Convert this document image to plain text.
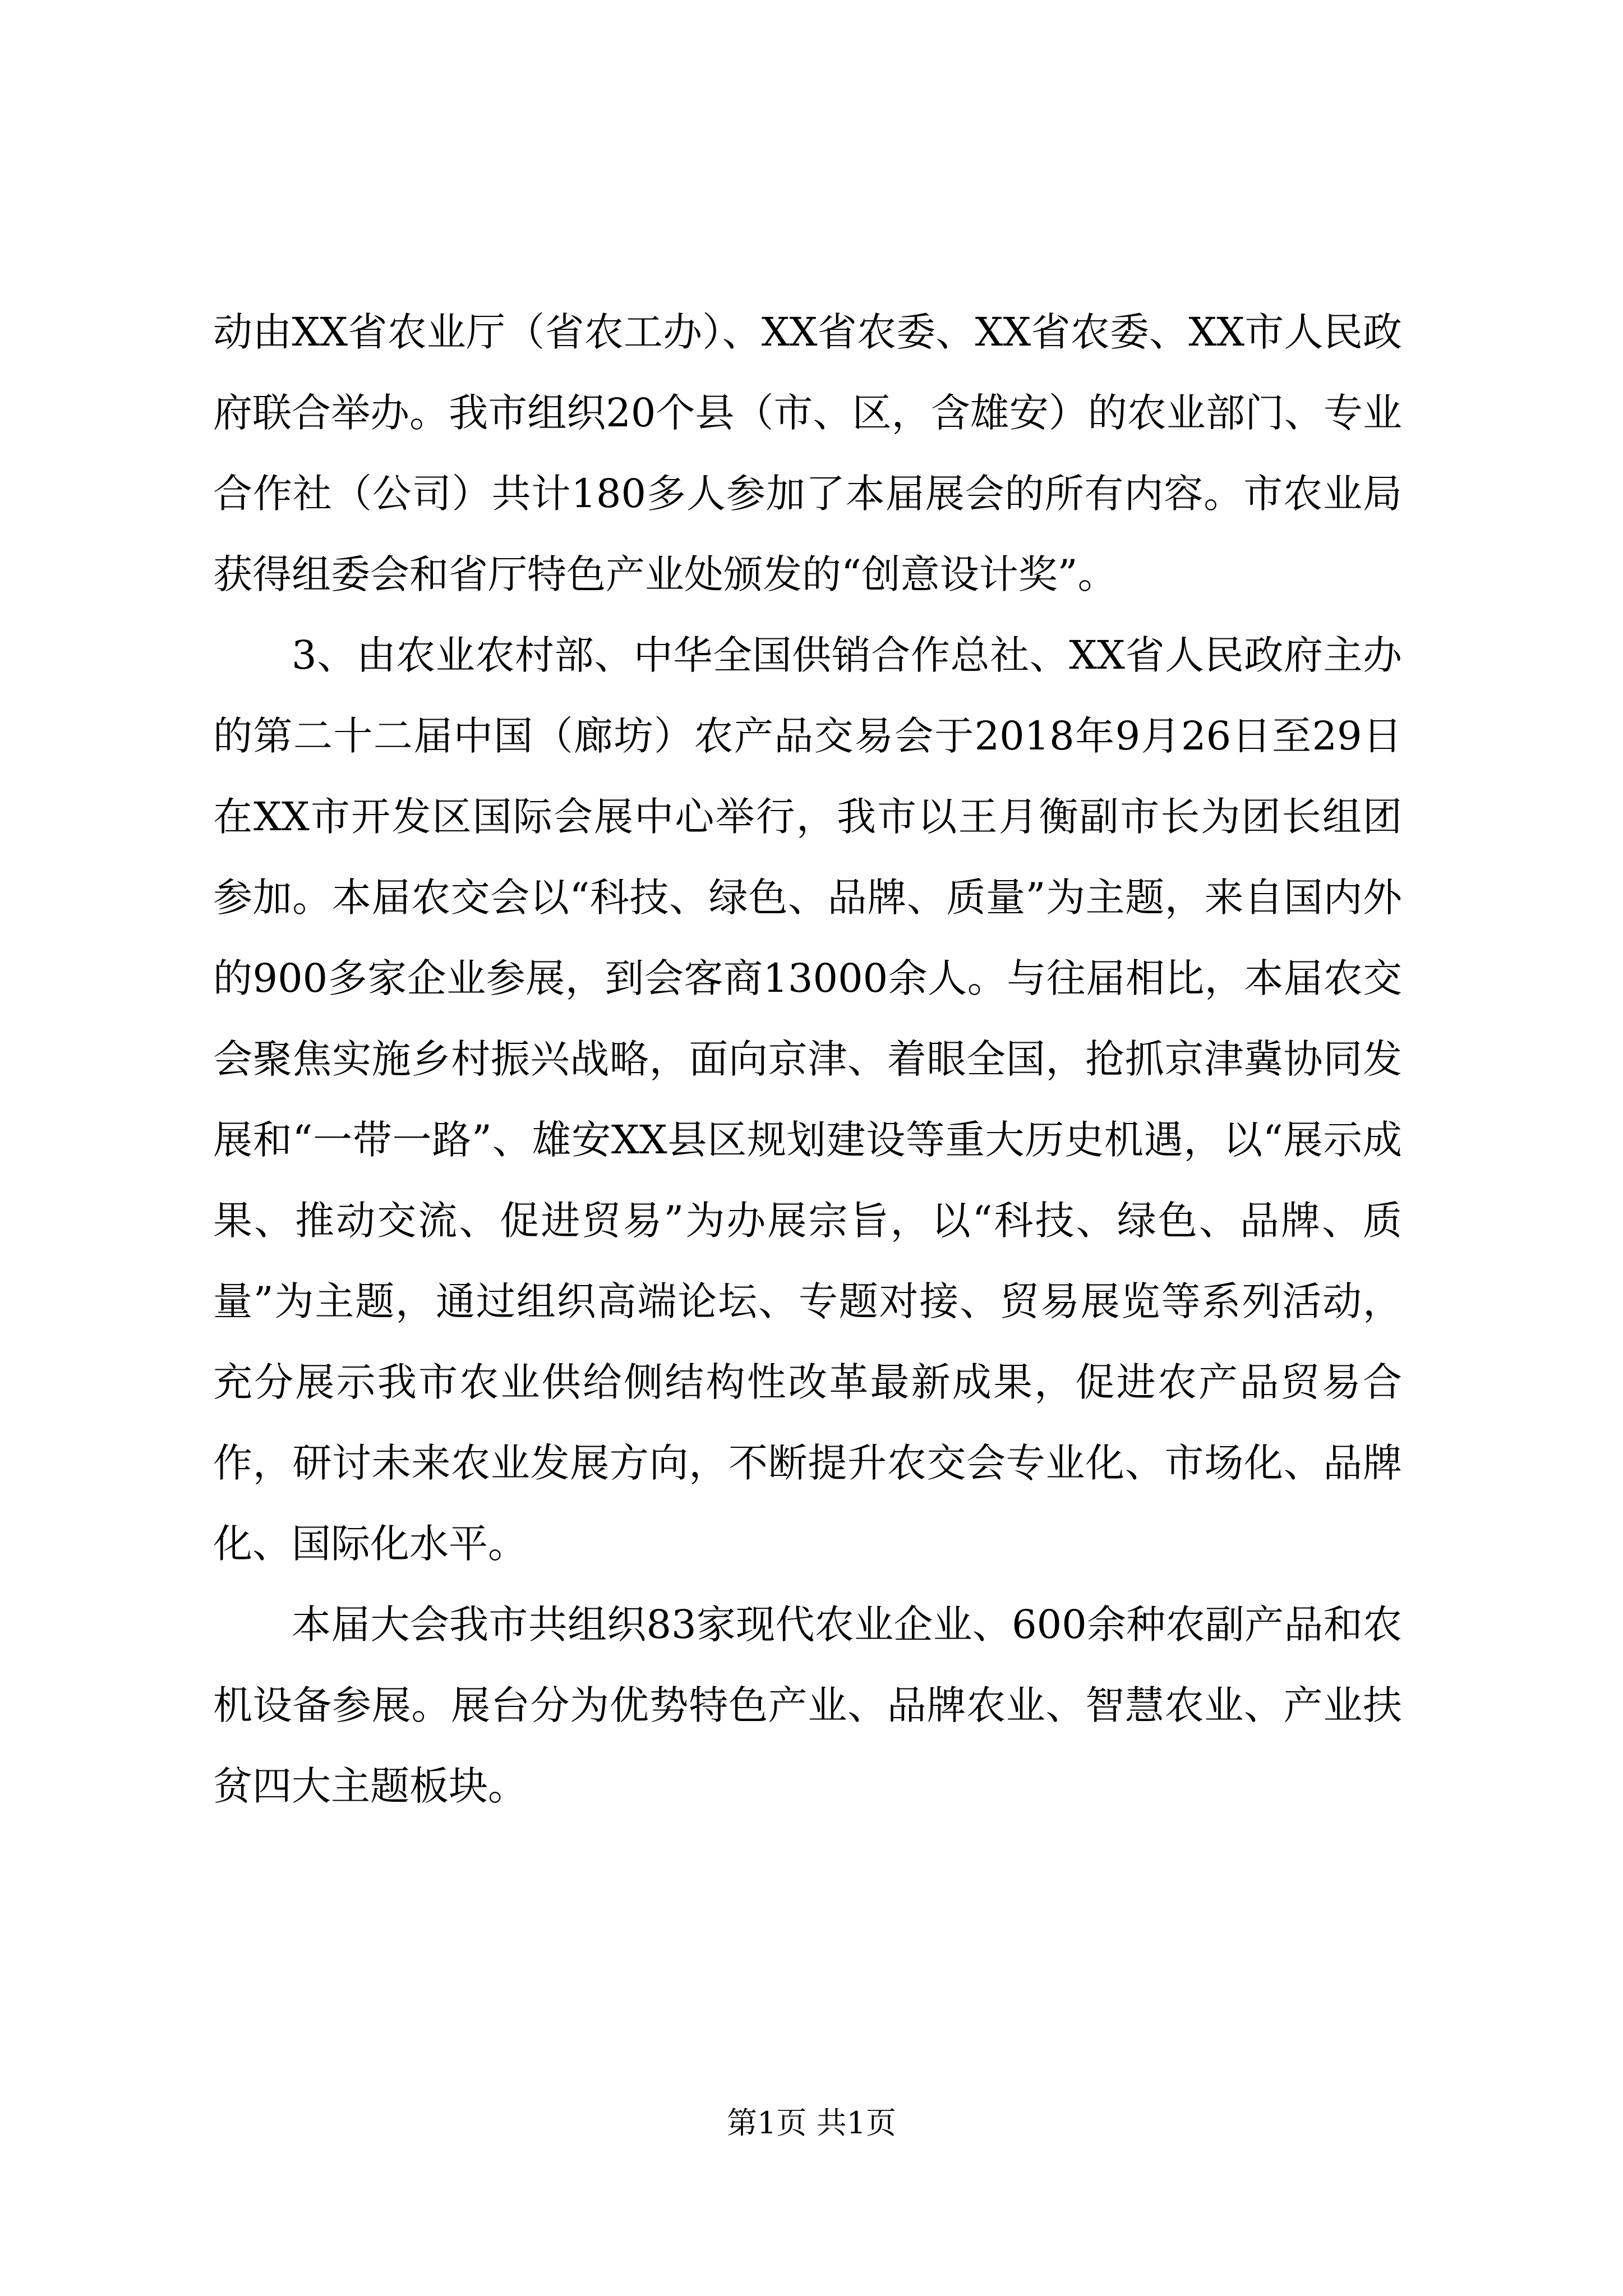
动由XX省农业厅（省农工办）、XX省农委、XX省农委、XX市人民政府联合举办。我市组织20个县（市、区，含雄安）的农业部门、专业合作社（公司）共计180多人参加了本届展会的所有内容。市农业局获得组委会和省厅特色产业处颁发的“创意设计奖”。

3、由农业农村部、中华全国供销合作总社、XX省人民政府主办的第二十二届中国（廊坊）农产品交易会于2018年9月26日至29日在XX市开发区国际会展中心举行，我市以王月衡副市长为团长组团参加。本届农交会以“科技、绿色、品牌、质量”为主题，来自国内外的900多家企业参展，到会客商13000余人。与往届相比，本届农交会聚焦实施乡村振兴战略，面向京津、着眼全国，抢抓京津冀协同发展和“一带一路”、雄安XX县区规划建设等重大历史机遇，以“展示成果、推动交流、促进贸易”为办展宗旨，以“科技、绿色、品牌、质量”为主题，通过组织高端论坛、专题对接、贸易展览等系列活动，充分展示我市农业供给侧结构性改革最新成果，促进农产品贸易合作，研讨未来农业发展方向，不断提升农交会专业化、市场化、品牌化、国际化水平。

本届大会我市共组织83家现代农业企业、600余种农副产品和农机设备参展。展台分为优势特色产业、品牌农业、智慧农业、产业扶贫四大主题板块。

第1页 共1页
